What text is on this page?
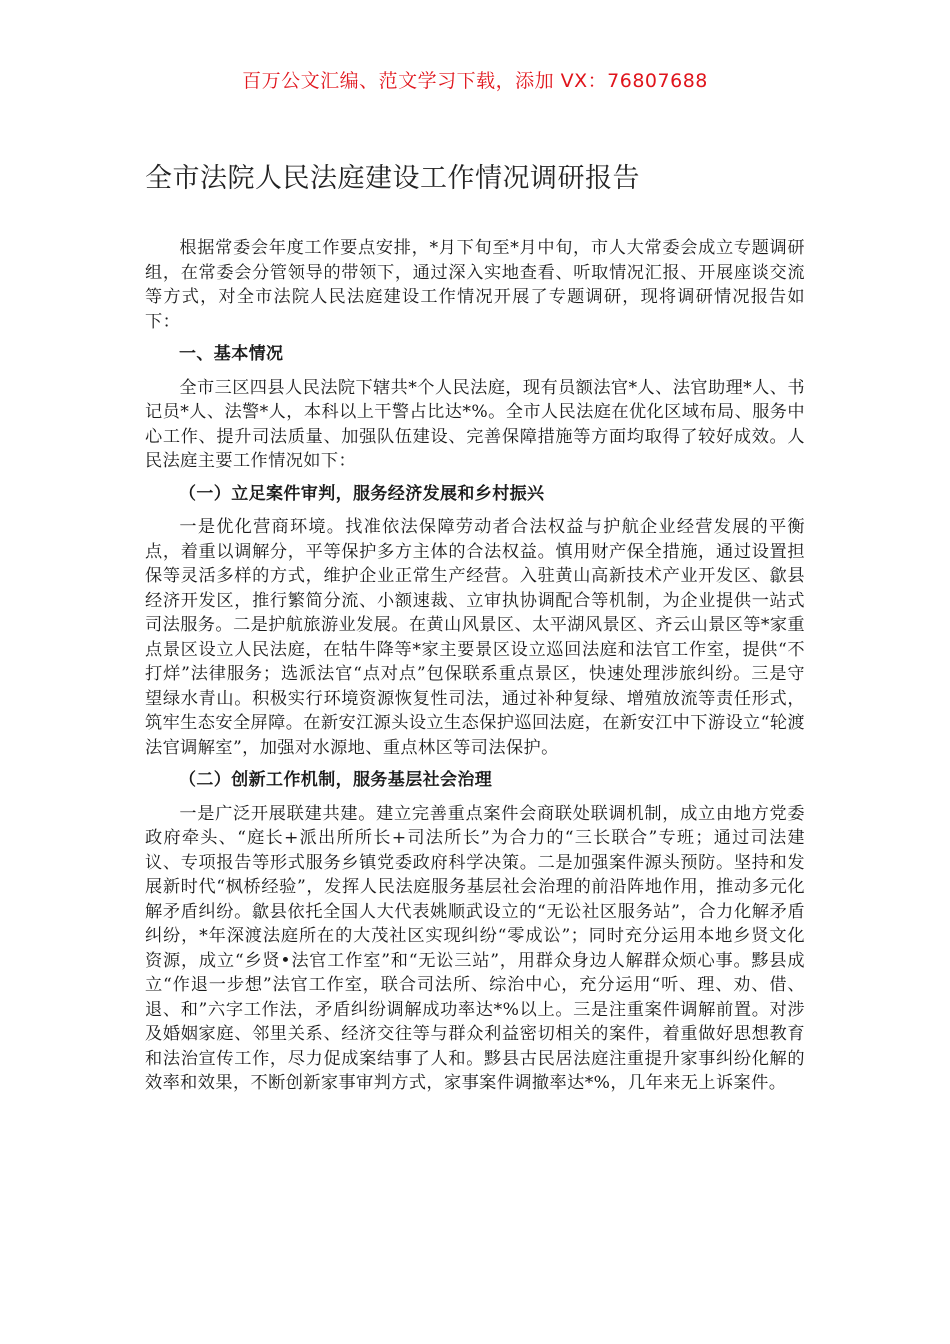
百万公文汇编、范文学习下载，添加 VX：76807688
全市法院人民法庭建设工作情况调研报告

根据常委会年度工作要点安排，*月下旬至*月中旬，市人大常委会成立专题调研组，在常委会分管领导的带领下，通过深入实地查看、听取情况汇报、开展座谈交流等方式，对全市法院人民法庭建设工作情况开展了专题调研，现将调研情况报告如下：

一、基本情况

全市三区四县人民法院下辖共*个人民法庭，现有员额法官*人、法官助理*人、书记员*人、法警*人，本科以上干警占比达*%。全市人民法庭在优化区域布局、服务中心工作、提升司法质量、加强队伍建设、完善保障措施等方面均取得了较好成效。人民法庭主要工作情况如下：

（一）立足案件审判，服务经济发展和乡村振兴

一是优化营商环境。找准依法保障劳动者合法权益与护航企业经营发展的平衡点，着重以调解分，平等保护多方主体的合法权益。慎用财产保全措施，通过设置担保等灵活多样的方式，维护企业正常生产经营。入驻黄山高新技术产业开发区、歙县经济开发区，推行繁简分流、小额速裁、立审执协调配合等机制，为企业提供一站式司法服务。二是护航旅游业发展。在黄山风景区、太平湖风景区、齐云山景区等*家重点景区设立人民法庭，在牯牛降等*家主要景区设立巡回法庭和法官工作室，提供“不打烊”法律服务；选派法官“点对点”包保联系重点景区，快速处理涉旅纠纷。三是守望绿水青山。积极实行环境资源恢复性司法，通过补种复绿、增殖放流等责任形式，筑牢生态安全屏障。在新安江源头设立生态保护巡回法庭，在新安江中下游设立“轮渡法官调解室”，加强对水源地、重点林区等司法保护。

（二）创新工作机制，服务基层社会治理

一是广泛开展联建共建。建立完善重点案件会商联处联调机制，成立由地方党委政府牵头、“庭长+派出所所长+司法所长”为合力的“三长联合”专班；通过司法建议、专项报告等形式服务乡镇党委政府科学决策。二是加强案件源头预防。坚持和发展新时代“枫桥经验”，发挥人民法庭服务基层社会治理的前沿阵地作用，推动多元化解矛盾纠纷。歙县依托全国人大代表姚顺武设立的“无讼社区服务站”，合力化解矛盾纠纷，*年深渡法庭所在的大茂社区实现纠纷“零成讼”；同时充分运用本地乡贤文化资源，成立“乡贤•法官工作室”和“无讼三站”，用群众身边人解群众烦心事。黟县成立“作退一步想”法官工作室，联合司法所、综治中心，充分运用“听、理、劝、借、退、和”六字工作法，矛盾纠纷调解成功率达*%以上。三是注重案件调解前置。对涉及婚姻家庭、邻里关系、经济交往等与群众利益密切相关的案件，着重做好思想教育和法治宣传工作，尽力促成案结事了人和。黟县古民居法庭注重提升家事纠纷化解的效率和效果，不断创新家事审判方式，家事案件调撤率达*%，几年来无上诉案件。
